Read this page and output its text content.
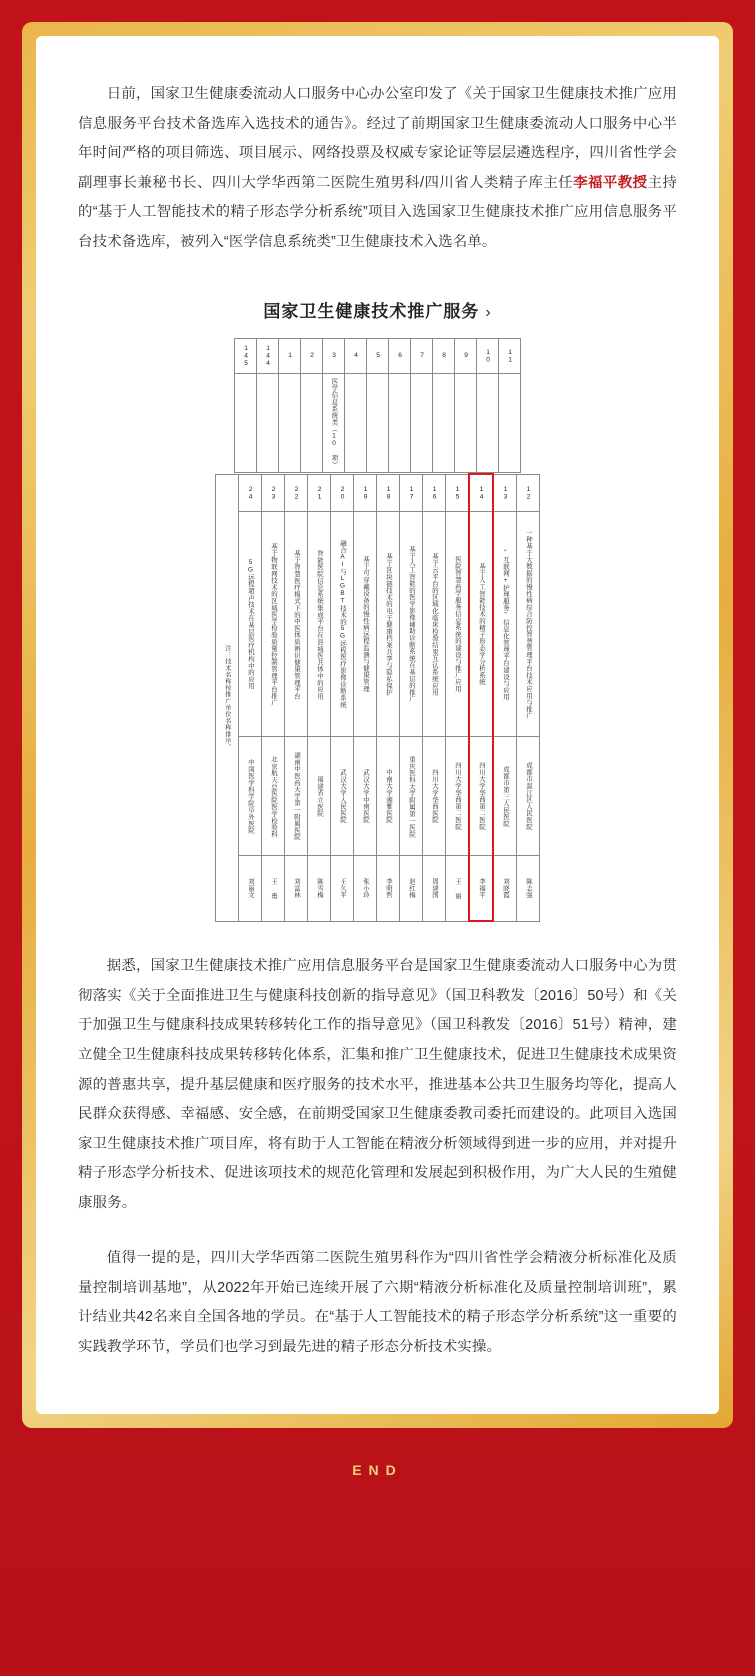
日前，国家卫生健康委流动人口服务中心办公室印发了《关于国家卫生健康技术推广应用信息服务平台技术备选库入选技术的通告》。经过了前期国家卫生健康委流动人口服务中心半年时间严格的项目筛选、项目展示、网络投票及权威专家论证等层层遴选程序，四川省性学会副理事长兼秘书长、四川大学华西第二医院生殖男科/四川省人类精子库主任李福平教授主持的“基于人工智能技术的精子形态学分析系统”项目入选国家卫生健康技术推广应用信息服务平台技术备选库，被列入“医学信息系统类”卫生健康技术入选名单。

国家卫生健康技术推广服务 ›
145	144	1	2	3	4	5	6	7	8	9	10	11

				医学信息系统类（10 项）								

注：技术名称按推广单位名称排序。	24	23	22	21	20	19	18	17	16	15	14	13	12

	5G远程超声技术在基层医疗机构中的应用	基于物联网技术的区域医学检验质量控制管理平台推广	基于智慧医疗模式下的中医体质辨识健康管理平台	智能医院信息系统集成平台在县域医共体中的应用	融合AI与LGBT技术的5G远程医疗影像诊断系统	基于可穿戴设备的慢性病远程监测与健康管理	基于区块链技术的电子健康档案共享与隐私保护	基于人工智能的医学影像辅助诊断系统在基层的推广	基于云平台的区域化临床检验结果互认系统应用	医院智慧药学服务信息系统的建设与推广应用	基于人工智能技术的精子形态学分析系统	“互联网+护理服务”信息化管理平台建设与应用	一种基于大数据的慢性病综合防控智慧管理平台技术应用与推广

	中国医学科学院阜外医院	北京航天总医院医学检验科	湖南中医药大学第一附属医院	福建省立医院	武汉大学人民医院	武汉大学中南医院	中南大学湘雅医院	重庆医科大学附属第一医院	四川大学华西医院	四川大学华西第二医院	四川大学华西第二医院	成都市第三人民医院	成都市温江区人民医院

	刘丽文	王 勇	刘富林	陈雪梅	王久平	张小玲	李明哲	赵红梅	周建国	王 丽	李福平	刘晓霞	陈志强

据悉，国家卫生健康技术推广应用信息服务平台是国家卫生健康委流动人口服务中心为贯彻落实《关于全面推进卫生与健康科技创新的指导意见》（国卫科教发〔2016〕50号）和《关于加强卫生与健康科技成果转移转化工作的指导意见》（国卫科教发〔2016〕51号）精神，建立健全卫生健康科技成果转移转化体系，汇集和推广卫生健康技术，促进卫生健康技术成果资源的普惠共享，提升基层健康和医疗服务的技术水平，推进基本公共卫生服务均等化，提高人民群众获得感、幸福感、安全感，在前期受国家卫生健康委教司委托而建设的。此项目入选国家卫生健康技术推广项目库，将有助于人工智能在精液分析领域得到进一步的应用，并对提升精子形态学分析技术、促进该项技术的规范化管理和发展起到积极作用，为广大人民的生殖健康服务。

值得一提的是，四川大学华西第二医院生殖男科作为“四川省性学会精液分析标准化及质量控制培训基地”，从2022年开始已连续开展了六期“精液分析标准化及质量控制培训班”，累计结业共42名来自全国各地的学员。在“基于人工智能技术的精子形态学分析系统”这一重要的实践教学环节，学员们也学习到最先进的精子形态分析技术实操。

END
